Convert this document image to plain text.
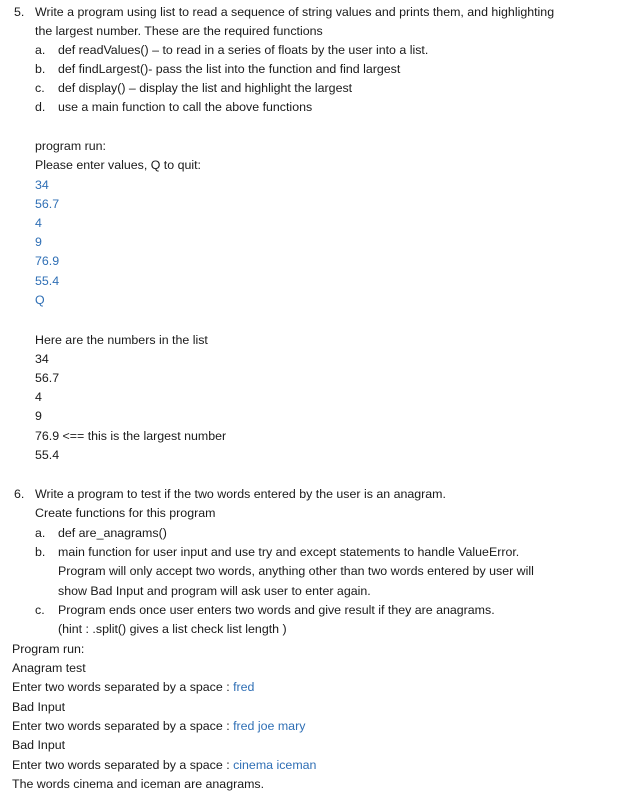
5. Write a program using list to read a sequence of string values and prints them, and highlighting
the largest number. These are the required functions
a. def readValues() – to read in a series of floats by the user into a list.
b. def findLargest()- pass the list into the function and find largest
c. def display() – display the list and highlight the largest
d. use a main function to call the above functions
program run:
Please enter values, Q to quit:
34
56.7
4
9
76.9
55.4
Q
Here are the numbers in the list
34
56.7
4
9
76.9 <== this is the largest number
55.4
6. Write a program to test if the two words entered by the user is an anagram.
Create functions for this program
a. def are_anagrams()
b. main function for user input and use try and except statements to handle ValueError.
Program will only accept two words, anything other than two words entered by user will
show Bad Input and program will ask user to enter again.
c. Program ends once user enters two words and give result if they are anagrams.
(hint : .split() gives a list check list length )
Program run:
Anagram test
Enter two words separated by a space : fred
Bad Input
Enter two words separated by a space : fred joe mary
Bad Input
Enter two words separated by a space : cinema iceman
The words cinema and iceman are anagrams.
